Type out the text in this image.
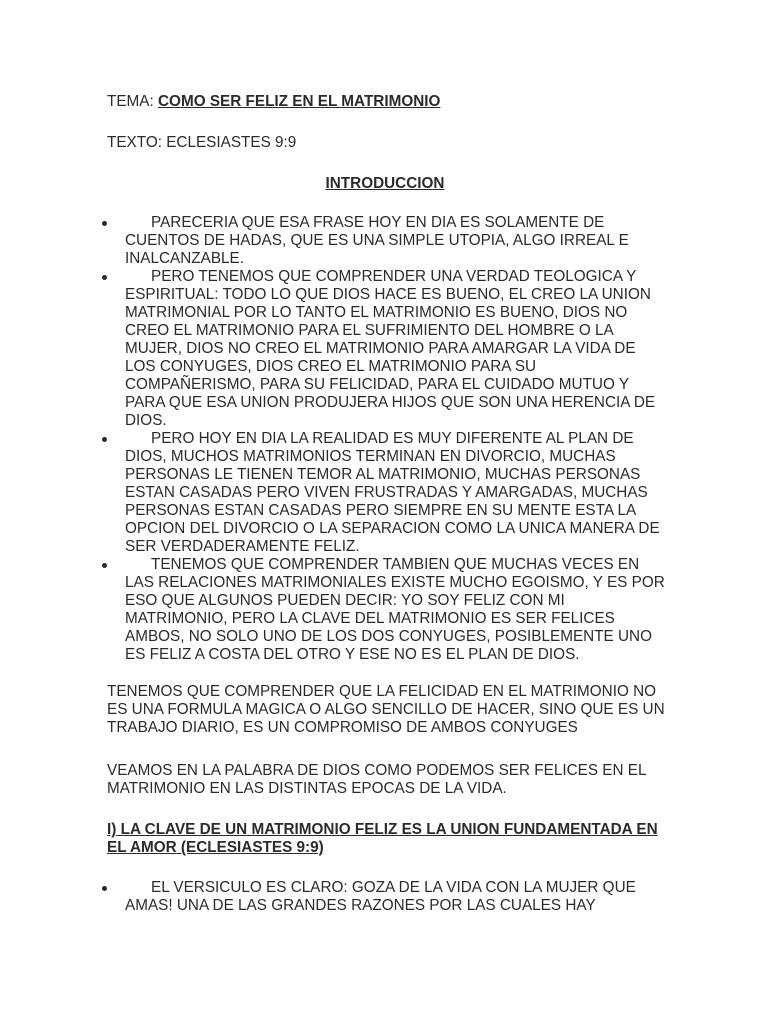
TEMA: COMO SER FELIZ EN EL MATRIMONIO
TEXTO: ECLESIASTES 9:9
INTRODUCCION
PARECERIA QUE ESA FRASE HOY EN DIA ES SOLAMENTE DE CUENTOS DE HADAS, QUE ES UNA SIMPLE UTOPIA, ALGO IRREAL E INALCANZABLE.
PERO TENEMOS QUE COMPRENDER UNA VERDAD TEOLOGICA Y ESPIRITUAL: TODO LO QUE DIOS HACE ES BUENO, EL CREO LA UNION MATRIMONIAL POR LO TANTO EL MATRIMONIO ES BUENO, DIOS NO CREO EL MATRIMONIO PARA EL SUFRIMIENTO DEL HOMBRE O LA MUJER, DIOS NO CREO EL MATRIMONIO PARA AMARGAR LA VIDA DE LOS CONYUGES, DIOS CREO EL MATRIMONIO PARA SU COMPAÑERISMO, PARA SU FELICIDAD, PARA EL CUIDADO MUTUO Y PARA QUE ESA UNION PRODUJERA HIJOS QUE SON UNA HERENCIA DE DIOS.
PERO HOY EN DIA LA REALIDAD ES MUY DIFERENTE AL PLAN DE DIOS, MUCHOS MATRIMONIOS TERMINAN EN DIVORCIO, MUCHAS PERSONAS LE TIENEN TEMOR AL MATRIMONIO, MUCHAS PERSONAS ESTAN CASADAS PERO VIVEN FRUSTRADAS Y AMARGADAS, MUCHAS PERSONAS ESTAN CASADAS PERO SIEMPRE EN SU MENTE ESTA LA OPCION DEL DIVORCIO O LA SEPARACION COMO LA UNICA MANERA DE SER VERDADERAMENTE FELIZ.
TENEMOS QUE COMPRENDER TAMBIEN QUE MUCHAS VECES EN LAS RELACIONES MATRIMONIALES EXISTE MUCHO EGOISMO, Y ES POR ESO QUE ALGUNOS PUEDEN DECIR: YO SOY FELIZ CON MI MATRIMONIO, PERO LA CLAVE DEL MATRIMONIO ES SER FELICES AMBOS, NO SOLO UNO DE LOS DOS CONYUGES, POSIBLEMENTE UNO ES FELIZ A COSTA DEL OTRO Y ESE NO ES EL PLAN DE DIOS.

TENEMOS QUE COMPRENDER QUE LA FELICIDAD EN EL MATRIMONIO NO ES UNA FORMULA MAGICA O ALGO SENCILLO DE HACER, SINO QUE ES UN TRABAJO DIARIO, ES UN COMPROMISO DE AMBOS CONYUGES

VEAMOS EN LA PALABRA DE DIOS COMO PODEMOS SER FELICES EN EL MATRIMONIO EN LAS DISTINTAS EPOCAS DE LA VIDA.

I) LA CLAVE DE UN MATRIMONIO FELIZ ES LA UNION FUNDAMENTADA EN EL AMOR (ECLESIASTES 9:9)

EL VERSICULO ES CLARO: GOZA DE LA VIDA CON LA MUJER QUE AMAS! UNA DE LAS GRANDES RAZONES POR LAS CUALES HAY
